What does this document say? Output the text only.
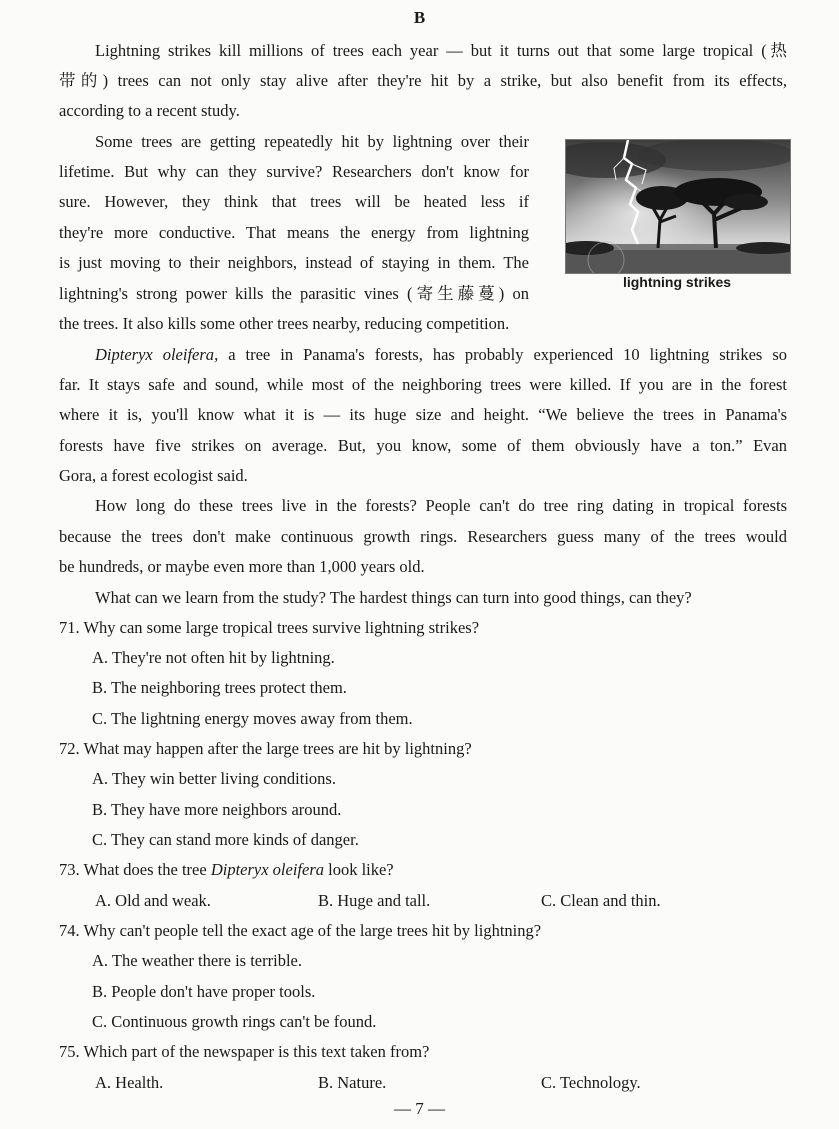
B
Lightning strikes kill millions of trees each year — but it turns out that some large tropical (热
带的) trees can not only stay alive after they're hit by a strike, but also benefit from its effects,
according to a recent study.
Some trees are getting repeatedly hit by lightning over their
lifetime. But why can they survive? Researchers don't know for
sure. However, they think that trees will be heated less if
they're more conductive. That means the energy from lightning
is just moving to their neighbors, instead of staying in them. The
lightning's strong power kills the parasitic vines (寄生藤蔓) on
the trees. It also kills some other trees nearby, reducing competition.
lightning strikes
Dipteryx oleifera, a tree in Panama's forests, has probably experienced 10 lightning strikes so
far. It stays safe and sound, while most of the neighboring trees were killed. If you are in the forest
where it is, you'll know what it is — its huge size and height. “We believe the trees in Panama's
forests have five strikes on average. But, you know, some of them obviously have a ton.” Evan
Gora, a forest ecologist said.
How long do these trees live in the forests? People can't do tree ring dating in tropical forests
because the trees don't make continuous growth rings. Researchers guess many of the trees would
be hundreds, or maybe even more than 1,000 years old.
What can we learn from the study? The hardest things can turn into good things, can they?
71. Why can some large tropical trees survive lightning strikes?
A. They're not often hit by lightning.
B. The neighboring trees protect them.
C. The lightning energy moves away from them.
72. What may happen after the large trees are hit by lightning?
A. They win better living conditions.
B. They have more neighbors around.
C. They can stand more kinds of danger.
73. What does the tree Dipteryx oleifera look like?
A. Old and weak.	B. Huge and tall.	C. Clean and thin.
74. Why can't people tell the exact age of the large trees hit by lightning?
A. The weather there is terrible.
B. People don't have proper tools.
C. Continuous growth rings can't be found.
75. Which part of the newspaper is this text taken from?
A. Health.	B. Nature.	C. Technology.
— 7 —
